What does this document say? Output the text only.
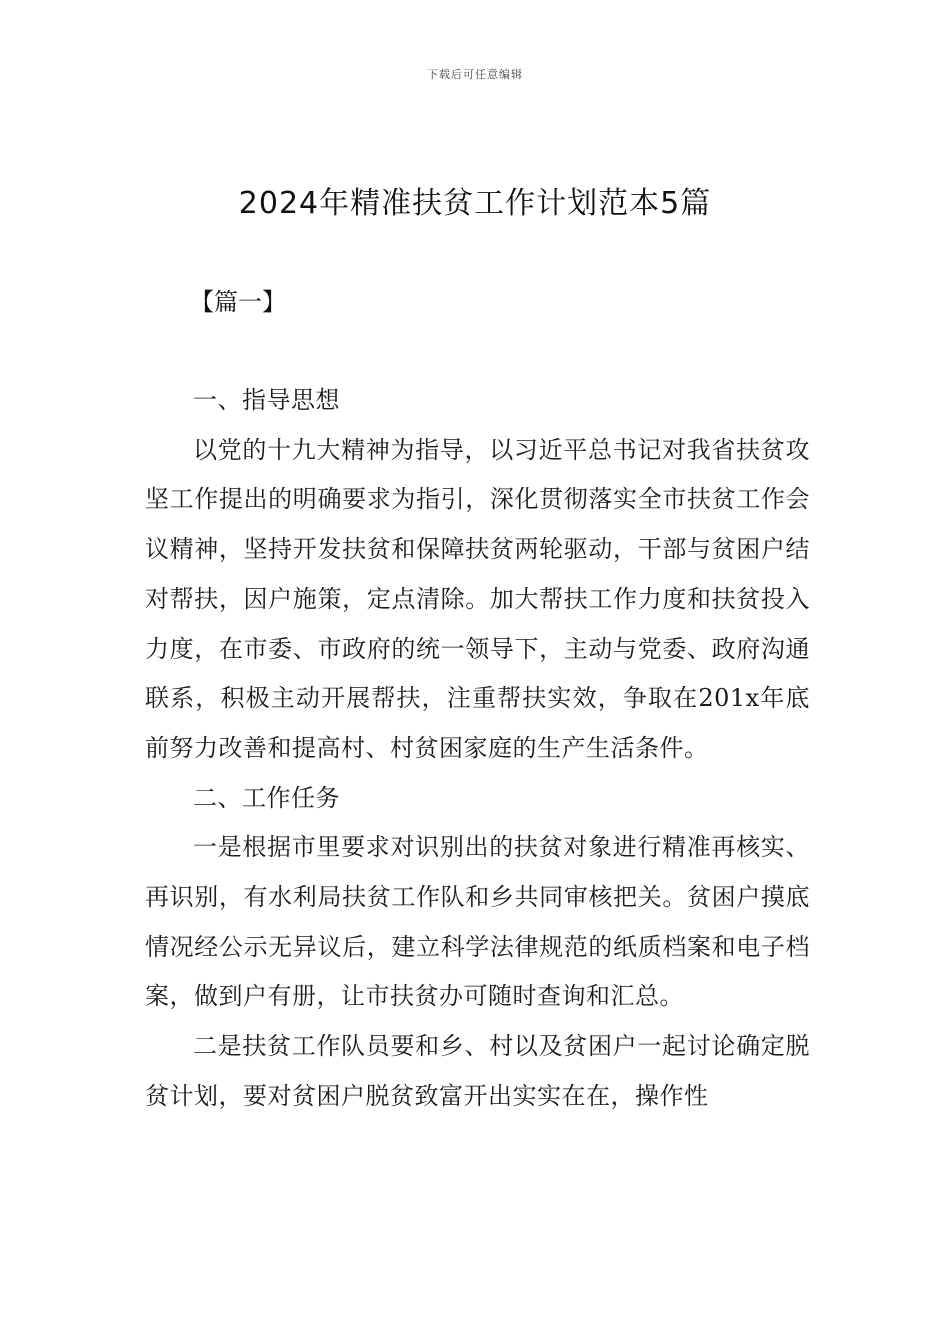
下载后可任意编辑
2024年精准扶贫工作计划范本5篇
【篇一】

一、指导思想

以党的十九大精神为指导，以习近平总书记对我省扶贫攻坚工作提出的明确要求为指引，深化贯彻落实全市扶贫工作会议精神，坚持开发扶贫和保障扶贫两轮驱动，干部与贫困户结对帮扶，因户施策，定点清除。加大帮扶工作力度和扶贫投入力度，在市委、市政府的统一领导下，主动与党委、政府沟通联系，积极主动开展帮扶，注重帮扶实效，争取在201x年底前努力改善和提高村、村贫困家庭的生产生活条件。

二、工作任务

一是根据市里要求对识别出的扶贫对象进行精准再核实、再识别，有水利局扶贫工作队和乡共同审核把关。贫困户摸底情况经公示无异议后，建立科学法律规范的纸质档案和电子档案，做到户有册，让市扶贫办可随时查询和汇总。

二是扶贫工作队员要和乡、村以及贫困户一起讨论确定脱贫计划，要对贫困户脱贫致富开出实实在在，操作性
